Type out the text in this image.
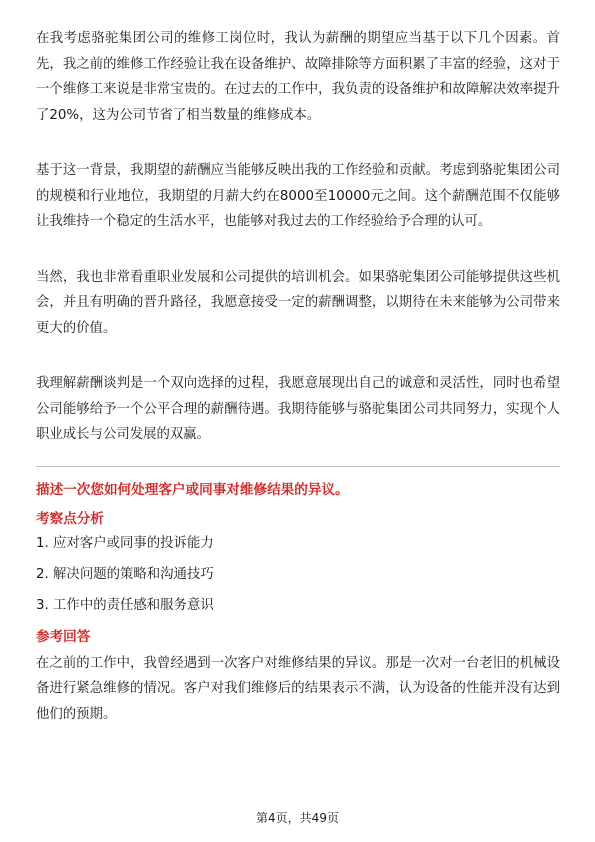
在我考虑骆驼集团公司的维修工岗位时，我认为薪酬的期望应当基于以下几个因素。首先，我之前的维修工作经验让我在设备维护、故障排除等方面积累了丰富的经验，这对于一个维修工来说是非常宝贵的。在过去的工作中，我负责的设备维护和故障解决效率提升了20%，这为公司节省了相当数量的维修成本。

基于这一背景，我期望的薪酬应当能够反映出我的工作经验和贡献。考虑到骆驼集团公司的规模和行业地位，我期望的月薪大约在8000至10000元之间。这个薪酬范围不仅能够让我维持一个稳定的生活水平，也能够对我过去的工作经验给予合理的认可。

当然，我也非常看重职业发展和公司提供的培训机会。如果骆驼集团公司能够提供这些机会，并且有明确的晋升路径，我愿意接受一定的薪酬调整，以期待在未来能够为公司带来更大的价值。

我理解薪酬谈判是一个双向选择的过程，我愿意展现出自己的诚意和灵活性，同时也希望公司能够给予一个公平合理的薪酬待遇。我期待能够与骆驼集团公司共同努力，实现个人职业成长与公司发展的双赢。

描述一次您如何处理客户或同事对维修结果的异议。
考察点分析
1. 应对客户或同事的投诉能力
2. 解决问题的策略和沟通技巧
3. 工作中的责任感和服务意识
参考回答

在之前的工作中，我曾经遇到一次客户对维修结果的异议。那是一次对一台老旧的机械设备进行紧急维修的情况。客户对我们维修后的结果表示不满，认为设备的性能并没有达到他们的预期。

第4页，共49页
